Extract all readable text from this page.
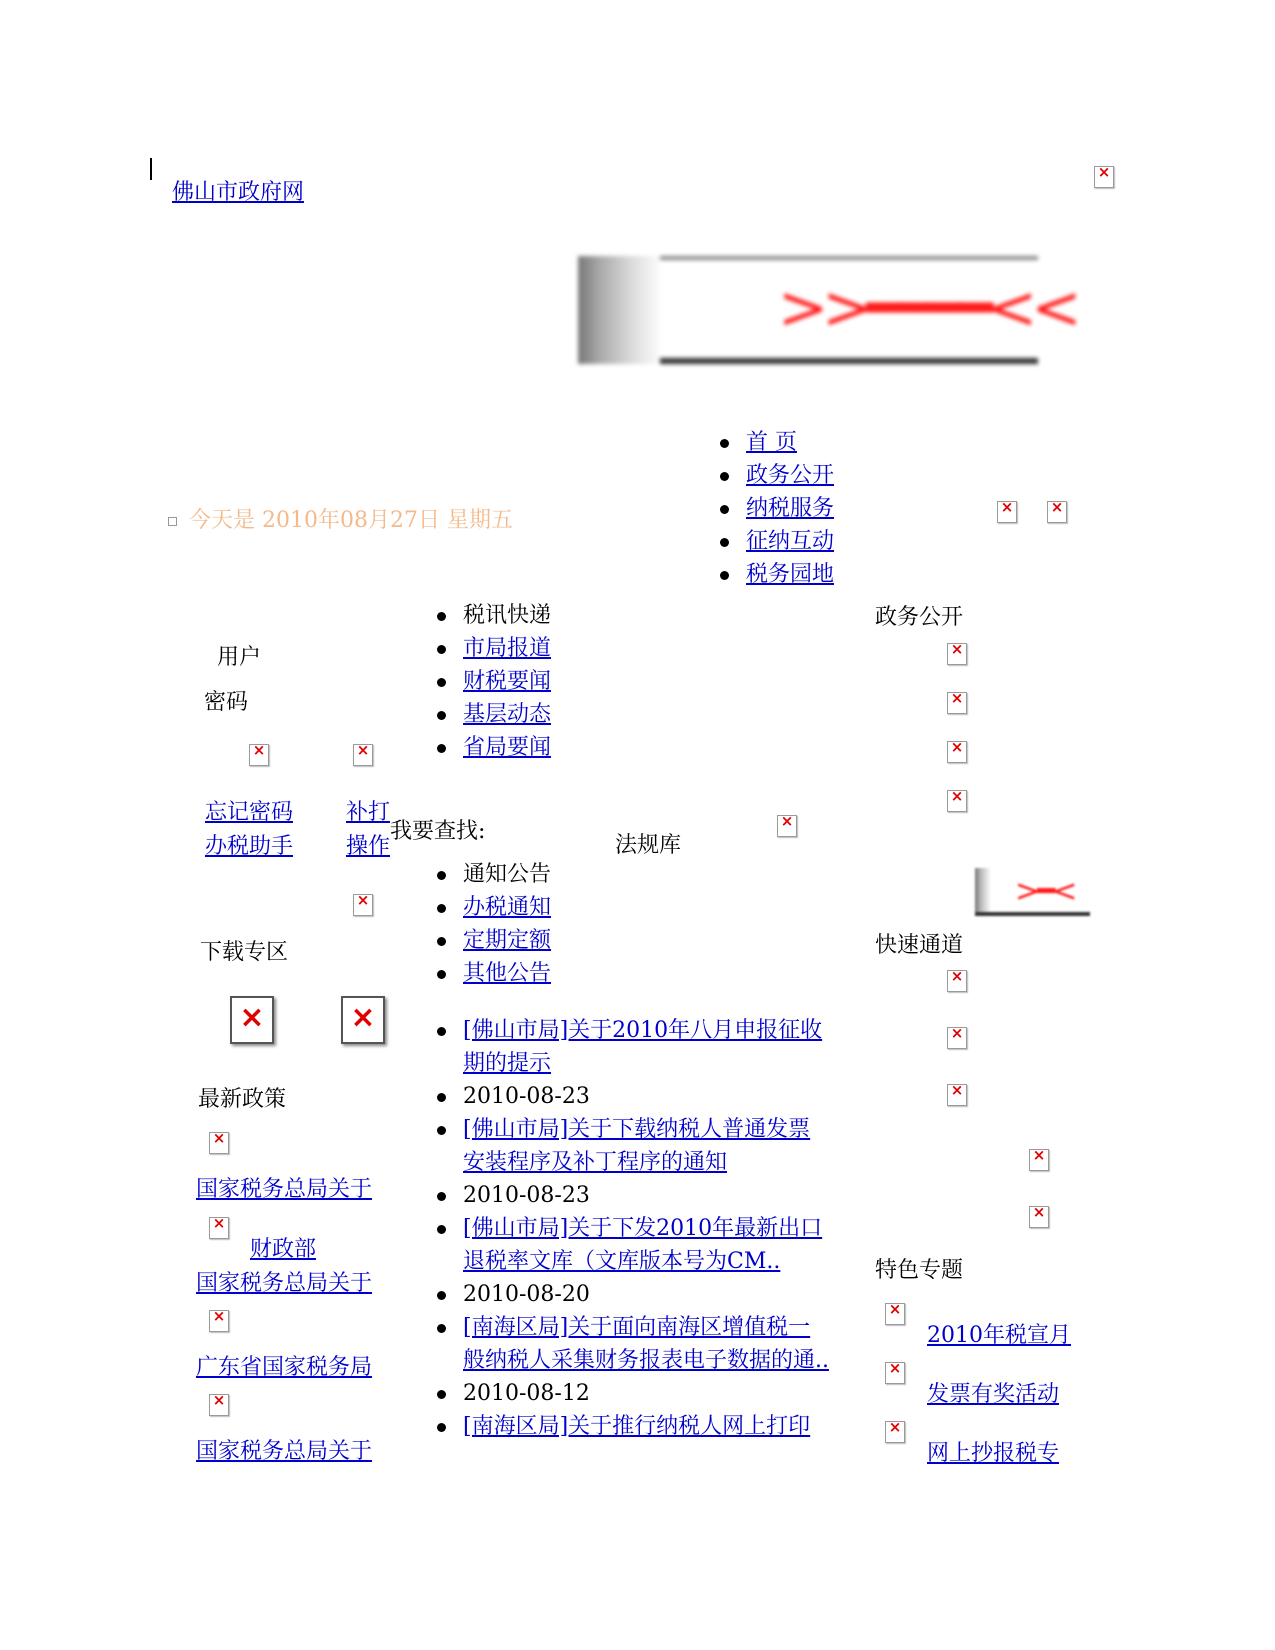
佛山市政府网
×
>>━━━━<<
首 页
政务公开
纳税服务
征纳互动
税务园地
今天是 2010年08月27日 星期五
×
×
用户
密码
×
×
忘记密码
办税助手
补打
操作
×
下载专区
×
×
最新政策
×
国家税务总局关于
×
财政部
国家税务总局关于
×
广东省国家税务局
×
国家税务总局关于
税讯快递
市局报道
财税要闻
基层动态
省局要闻
我要查找:
法规库
×
通知公告
办税通知
定期定额
其他公告
[佛山市局]关于2010年八月申报征收
期的提示
2010-08-23
[佛山市局]关于下载纳税人普通发票
安装程序及补丁程序的通知
2010-08-23
[佛山市局]关于下发2010年最新出口
退税率文库（文库版本号为CM..
2010-08-20
[南海区局]关于面向南海区增值税一
般纳税人采集财务报表电子数据的通..
2010-08-12
[南海区局]关于推行纳税人网上打印
政务公开
×
×
×
×
>━<
快速通道
×
×
×
×
×
特色专题
×
2010年税宣月
×
发票有奖活动
×
网上抄报税专
